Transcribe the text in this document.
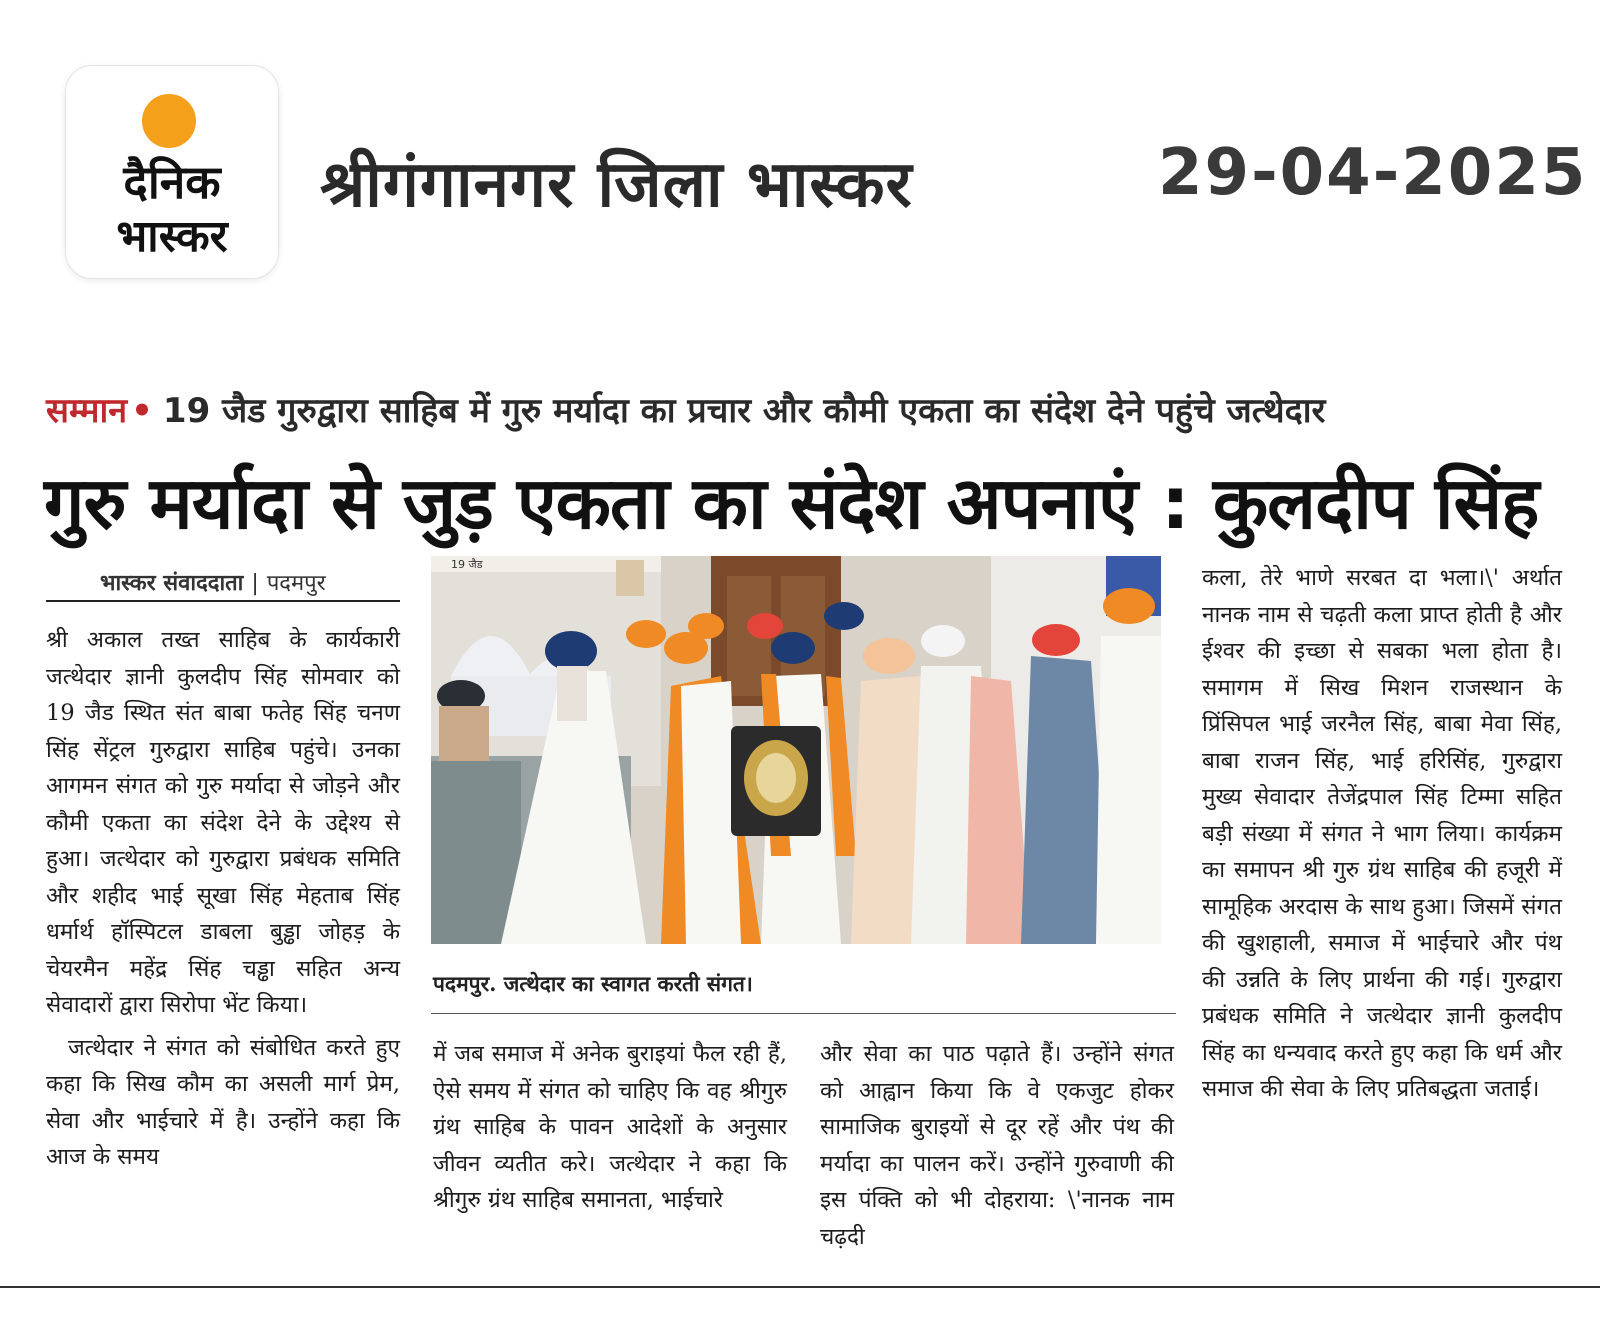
दैनिक
भास्कर
श्रीगंगानगर जिला भास्कर	29-04-2025
सम्मान • 19 जैड गुरुद्वारा साहिब में गुरु मर्यादा का प्रचार और कौमी एकता का संदेश देने पहुंचे जत्थेदार
गुरु मर्यादा से जुड़ एकता का संदेश अपनाएं : कुलदीप सिंह
भास्कर संवाददाता | पदमपुर

श्री अकाल तख्त साहिब के कार्यकारी जत्थेदार ज्ञानी कुलदीप सिंह सोमवार को 19 जैड स्थित संत बाबा फतेह सिंह चनण सिंह सेंट्रल गुरुद्वारा साहिब पहुंचे। उनका आगमन संगत को गुरु मर्यादा से जोड़ने और कौमी एकता का संदेश देने के उद्देश्य से हुआ। जत्थेदार को गुरुद्वारा प्रबंधक समिति और शहीद भाई सूखा सिंह मेहताब सिंह धर्मार्थ हॉस्पिटल डाबला बुड्ढा जोहड़ के चेयरमैन महेंद्र सिंह चड्ढा सहित अन्य सेवादारों द्वारा सिरोपा भेंट किया।

जत्थेदार ने संगत को संबोधित करते हुए कहा कि सिख कौम का असली मार्ग प्रेम, सेवा और भाईचारे में है। उन्होंने कहा कि आज के समय

19 जैड
पदमपुर. जत्थेदार का स्वागत करती संगत।

में जब समाज में अनेक बुराइयां फैल रही हैं, ऐसे समय में संगत को चाहिए कि वह श्रीगुरु ग्रंथ साहिब के पावन आदेशों के अनुसार जीवन व्यतीत करे। जत्थेदार ने कहा कि श्रीगुरु ग्रंथ साहिब समानता, भाईचारे

और सेवा का पाठ पढ़ाते हैं। उन्होंने संगत को आह्वान किया कि वे एकजुट होकर सामाजिक बुराइयों से दूर रहें और पंथ की मर्यादा का पालन करें। उन्होंने गुरुवाणी की इस पंक्ति को भी दोहराया: \'नानक नाम चढ़दी

कला, तेरे भाणे सरबत दा भला।\' अर्थात नानक नाम से चढ़ती कला प्राप्त होती है और ईश्वर की इच्छा से सबका भला होता है।समागम में सिख मिशन राजस्थान के प्रिंसिपल भाई जरनैल सिंह, बाबा मेवा सिंह, बाबा राजन सिंह, भाई हरिसिंह, गुरुद्वारा मुख्य सेवादार तेजेंद्रपाल सिंह टिम्मा सहित बड़ी संख्या में संगत ने भाग लिया। कार्यक्रम का समापन श्री गुरु ग्रंथ साहिब की हजूरी में सामूहिक अरदास के साथ हुआ। जिसमें संगत की खुशहाली, समाज में भाईचारे और पंथ की उन्नति के लिए प्रार्थना की गई। गुरुद्वारा प्रबंधक समिति ने जत्थेदार ज्ञानी कुलदीप सिंह का धन्यवाद करते हुए कहा कि धर्म और समाज की सेवा के लिए प्रतिबद्धता जताई।
